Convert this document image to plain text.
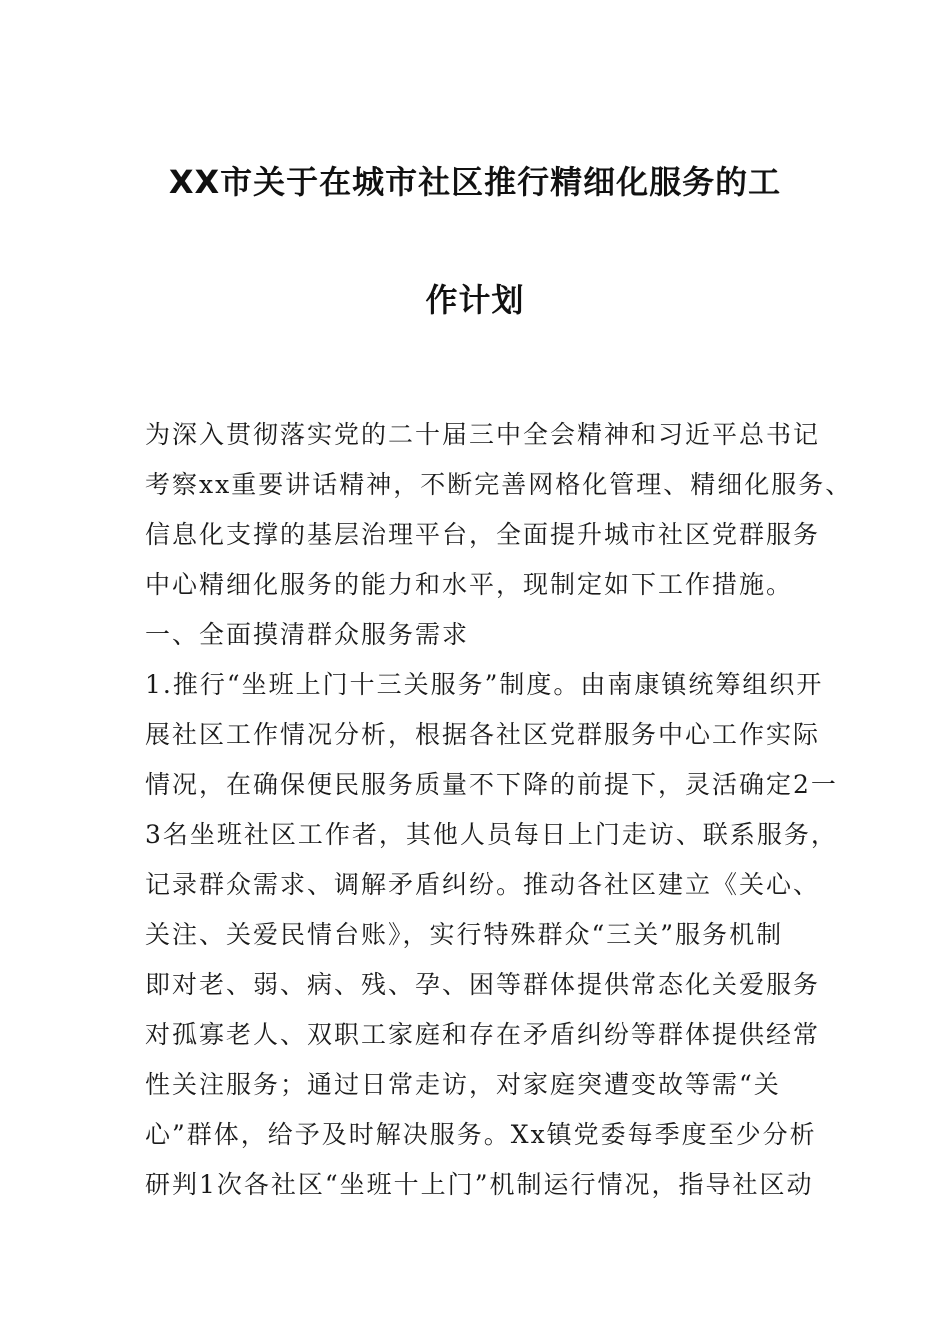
XX市关于在城市社区推行精细化服务的工
作计划
为深入贯彻落实党的二十届三中全会精神和习近平总书记
考察xx重要讲话精神，不断完善网格化管理、精细化服务、
信息化支撑的基层治理平台，全面提升城市社区党群服务
中心精细化服务的能力和水平，现制定如下工作措施。
一、全面摸清群众服务需求
1.推行“坐班上门十三关服务”制度。由南康镇统筹组织开
展社区工作情况分析，根据各社区党群服务中心工作实际
情况，在确保便民服务质量不下降的前提下，灵活确定2一
3名坐班社区工作者，其他人员每日上门走访、联系服务，
记录群众需求、调解矛盾纠纷。推动各社区建立《关心、
关注、关爱民情台账》，实行特殊群众“三关”服务机制
即对老、弱、病、残、孕、困等群体提供常态化关爱服务
对孤寡老人、双职工家庭和存在矛盾纠纷等群体提供经常
性关注服务；通过日常走访，对家庭突遭变故等需“关
心”群体，给予及时解决服务。Xx镇党委每季度至少分析
研判1次各社区“坐班十上门”机制运行情况，指导社区动
